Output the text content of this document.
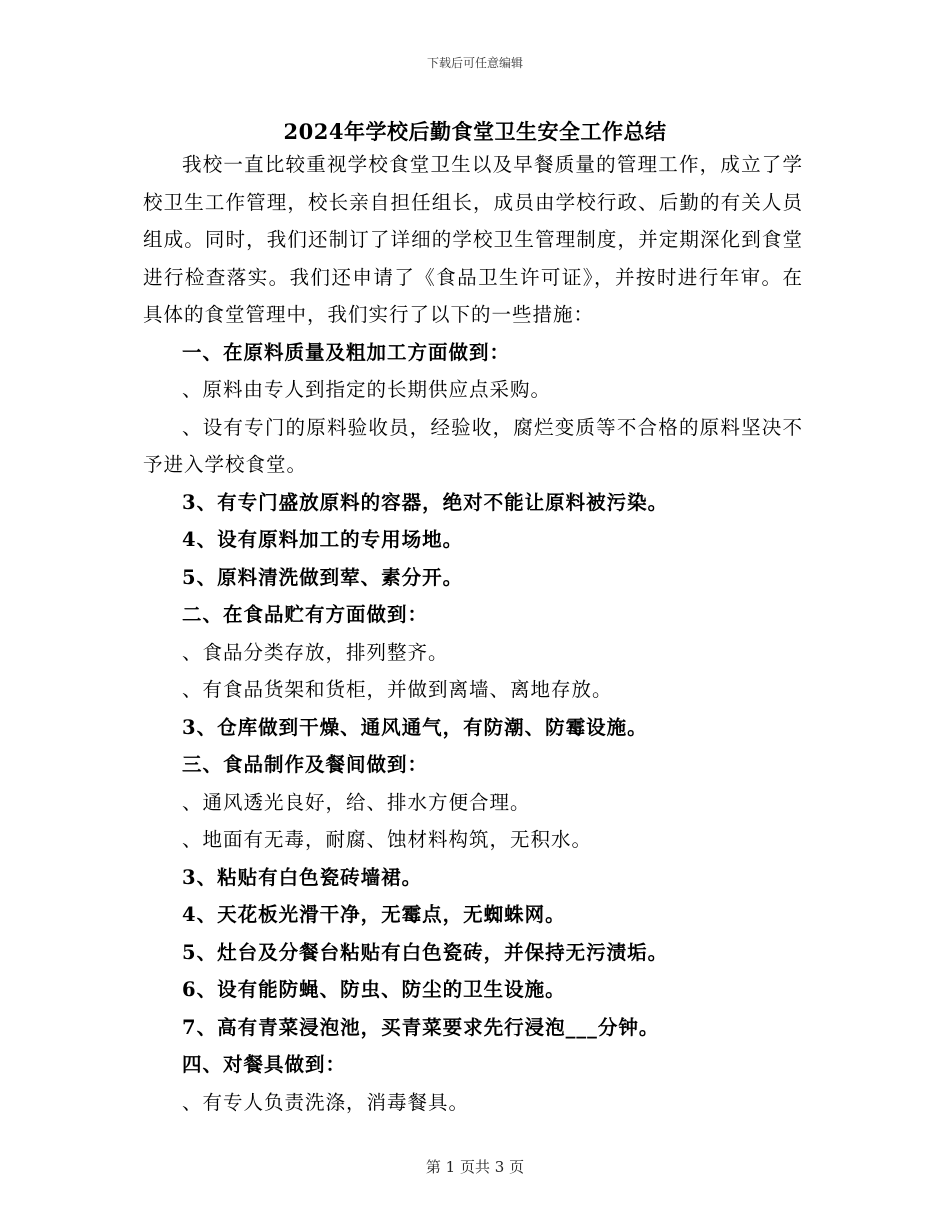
下载后可任意编辑
2024年学校后勤食堂卫生安全工作总结

我校一直比较重视学校食堂卫生以及早餐质量的管理工作，成立了学校卫生工作管理，校长亲自担任组长，成员由学校行政、后勤的有关人员组成。同时，我们还制订了详细的学校卫生管理制度，并定期深化到食堂进行检查落实。我们还申请了《食品卫生许可证》，并按时进行年审。在具体的食堂管理中，我们实行了以下的一些措施：

一、在原料质量及粗加工方面做到：

、原料由专人到指定的长期供应点采购。

、设有专门的原料验收员，经验收，腐烂变质等不合格的原料坚决不予进入学校食堂。

3、有专门盛放原料的容器，绝对不能让原料被污染。

4、设有原料加工的专用场地。

5、原料清洗做到荤、素分开。

二、在食品贮有方面做到：

、食品分类存放，排列整齐。

、有食品货架和货柜，并做到离墙、离地存放。

3、仓库做到干燥、通风通气，有防潮、防霉设施。

三、食品制作及餐间做到：

、通风透光良好，给、排水方便合理。

、地面有无毒，耐腐、蚀材料构筑，无积水。

3、粘贴有白色瓷砖墙裙。

4、天花板光滑干净，无霉点，无蜘蛛网。

5、灶台及分餐台粘贴有白色瓷砖，并保持无污渍垢。

6、设有能防蝇、防虫、防尘的卫生设施。

7、高有青菜浸泡池，买青菜要求先行浸泡___分钟。

四、对餐具做到：

、有专人负责洗涤，消毒餐具。

第 1 页共 3 页
